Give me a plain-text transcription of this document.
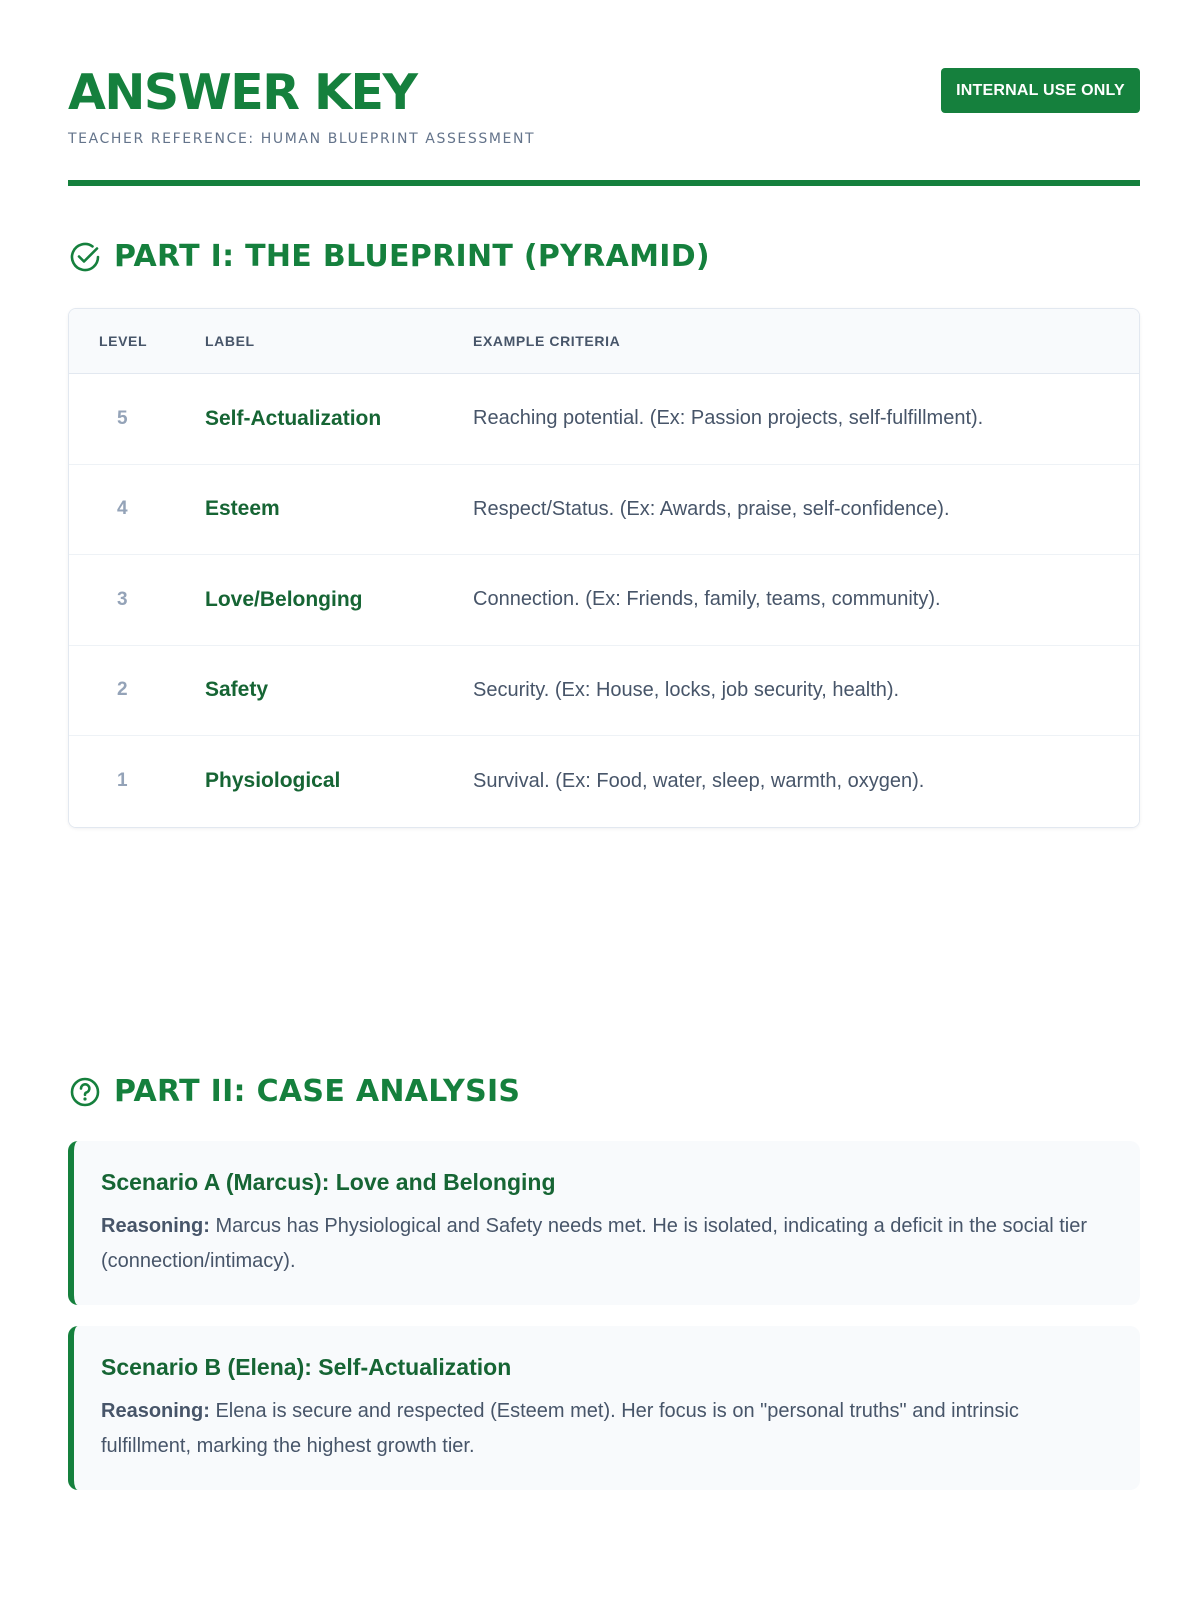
ANSWER KEY
TEACHER REFERENCE: HUMAN BLUEPRINT ASSESSMENT
INTERNAL USE ONLY
PART I: THE BLUEPRINT (PYRAMID)
LEVEL	LABEL	EXAMPLE CRITERIA
5	Self-Actualization	Reaching potential. (Ex: Passion projects, self-fulfillment).
4	Esteem	Respect/Status. (Ex: Awards, praise, self-confidence).
3	Love/Belonging	Connection. (Ex: Friends, family, teams, community).
2	Safety	Security. (Ex: House, locks, job security, health).
1	Physiological	Survival. (Ex: Food, water, sleep, warmth, oxygen).
PART II: CASE ANALYSIS
Scenario A (Marcus): Love and Belonging
Reasoning: Marcus has Physiological and Safety needs met. He is isolated, indicating a deficit in the social tier (connection/intimacy).
Scenario B (Elena): Self-Actualization
Reasoning: Elena is secure and respected (Esteem met). Her focus is on "personal truths" and intrinsic fulfillment, marking the highest growth tier.
